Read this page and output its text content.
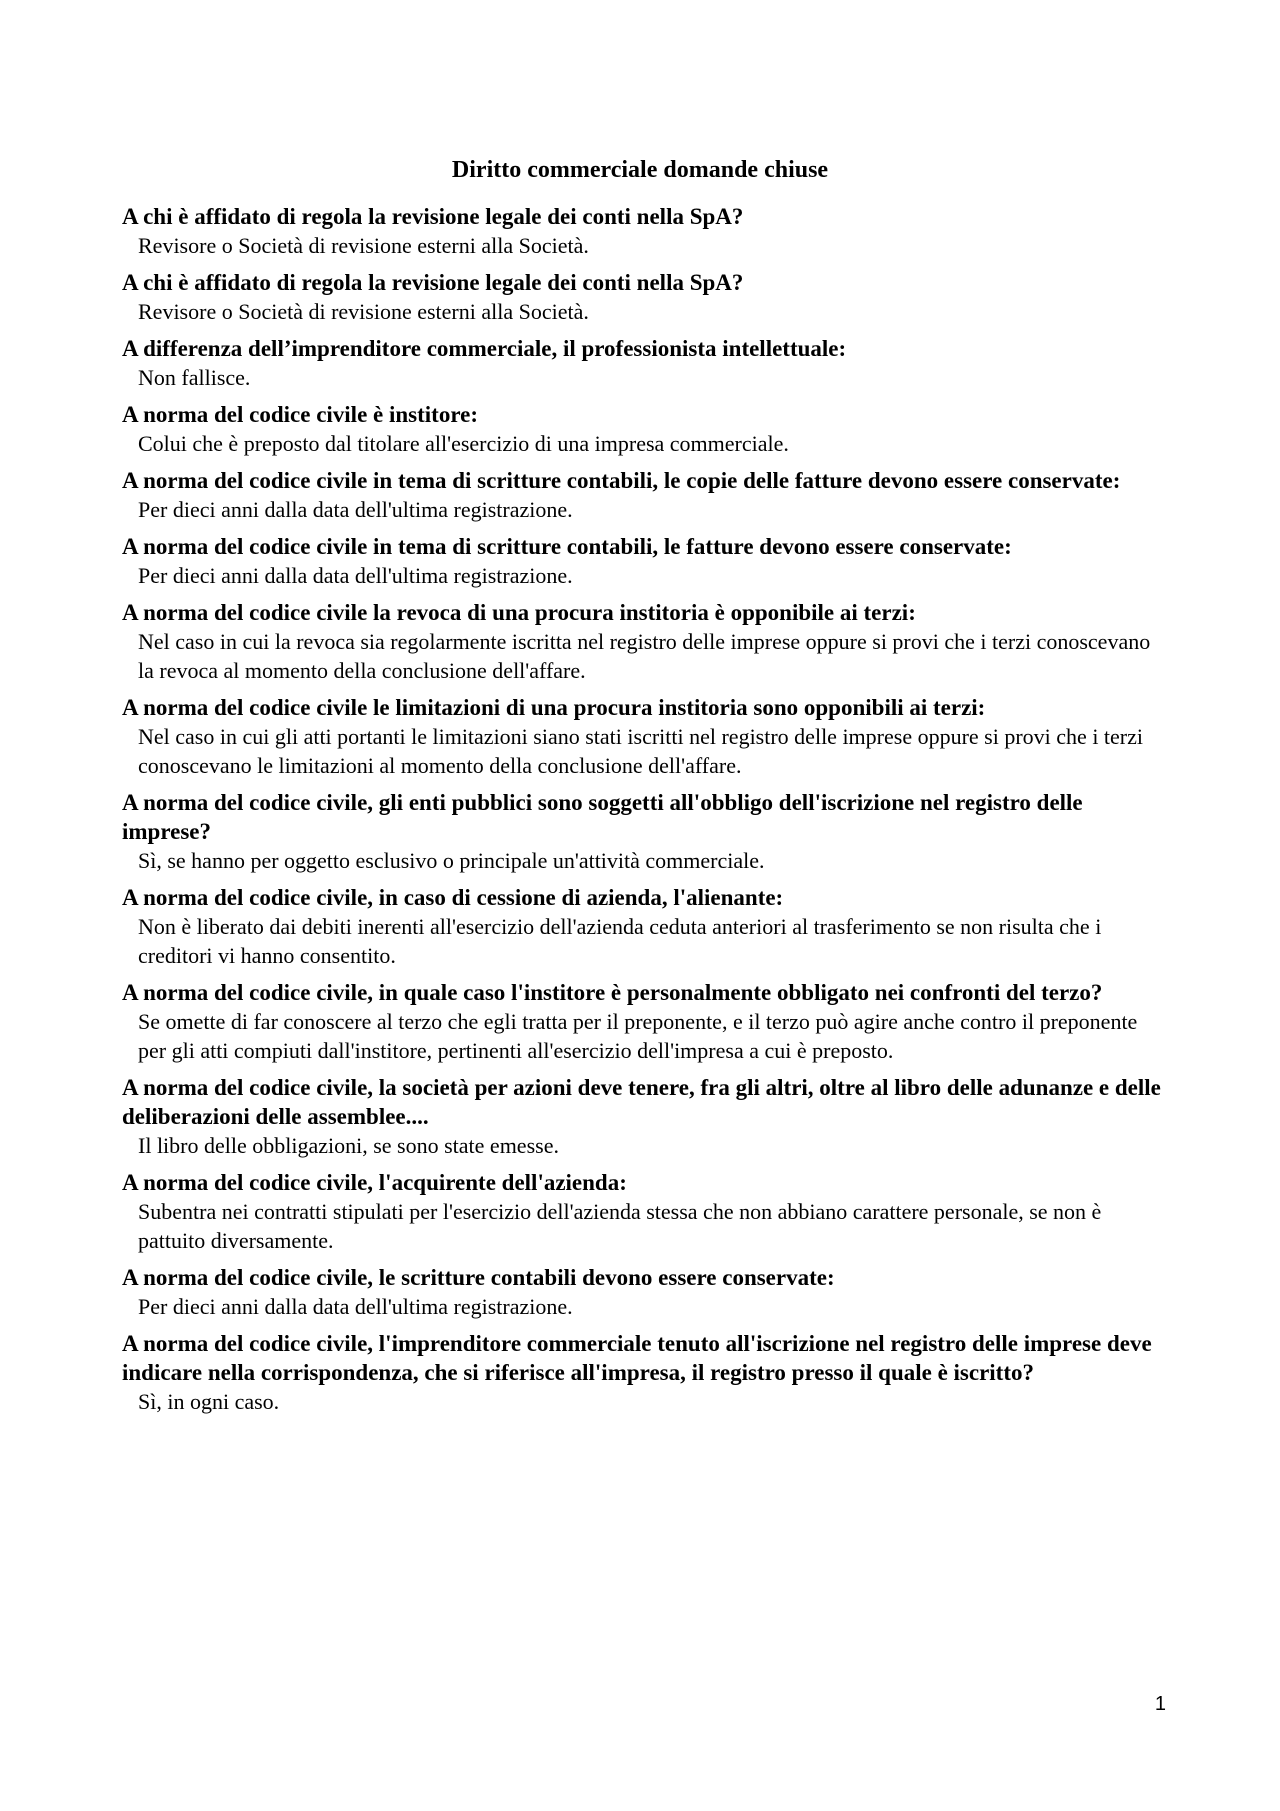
Diritto commerciale domande chiuse

A chi è affidato di regola la revisione legale dei conti nella SpA?

Revisore o Società di revisione esterni alla Società.

A chi è affidato di regola la revisione legale dei conti nella SpA?

Revisore o Società di revisione esterni alla Società.

A differenza dell’imprenditore commerciale, il professionista intellettuale:

Non fallisce.

A norma del codice civile è institore:

Colui che è preposto dal titolare all'esercizio di una impresa commerciale.

A norma del codice civile in tema di scritture contabili, le copie delle fatture devono essere conservate:

Per dieci anni dalla data dell'ultima registrazione.

A norma del codice civile in tema di scritture contabili, le fatture devono essere conservate:

Per dieci anni dalla data dell'ultima registrazione.

A norma del codice civile la revoca di una procura institoria è opponibile ai terzi:

Nel caso in cui la revoca sia regolarmente iscritta nel registro delle imprese oppure si provi che i terzi conoscevano la revoca al momento della conclusione dell'affare.

A norma del codice civile le limitazioni di una procura institoria sono opponibili ai terzi:

Nel caso in cui gli atti portanti le limitazioni siano stati iscritti nel registro delle imprese oppure si provi che i terzi conoscevano le limitazioni al momento della conclusione dell'affare.

A norma del codice civile, gli enti pubblici sono soggetti all'obbligo dell'iscrizione nel registro delle imprese?

Sì, se hanno per oggetto esclusivo o principale un'attività commerciale.

A norma del codice civile, in caso di cessione di azienda, l'alienante:

Non è liberato dai debiti inerenti all'esercizio dell'azienda ceduta anteriori al trasferimento se non risulta che i creditori vi hanno consentito.

A norma del codice civile, in quale caso l'institore è personalmente obbligato nei confronti del terzo?

Se omette di far conoscere al terzo che egli tratta per il preponente, e il terzo può agire anche contro il preponente per gli atti compiuti dall'institore, pertinenti all'esercizio dell'impresa a cui è preposto.

A norma del codice civile, la società per azioni deve tenere, fra gli altri, oltre al libro delle adunanze e delle deliberazioni delle assemblee....

Il libro delle obbligazioni, se sono state emesse.

A norma del codice civile, l'acquirente dell'azienda:

Subentra nei contratti stipulati per l'esercizio dell'azienda stessa che non abbiano carattere personale, se non è pattuito diversamente.

A norma del codice civile, le scritture contabili devono essere conservate:

Per dieci anni dalla data dell'ultima registrazione.

A norma del codice civile, l'imprenditore commerciale tenuto all'iscrizione nel registro delle imprese deve indicare nella corrispondenza, che si riferisce all'impresa, il registro presso il quale è iscritto?

Sì, in ogni caso.

1
